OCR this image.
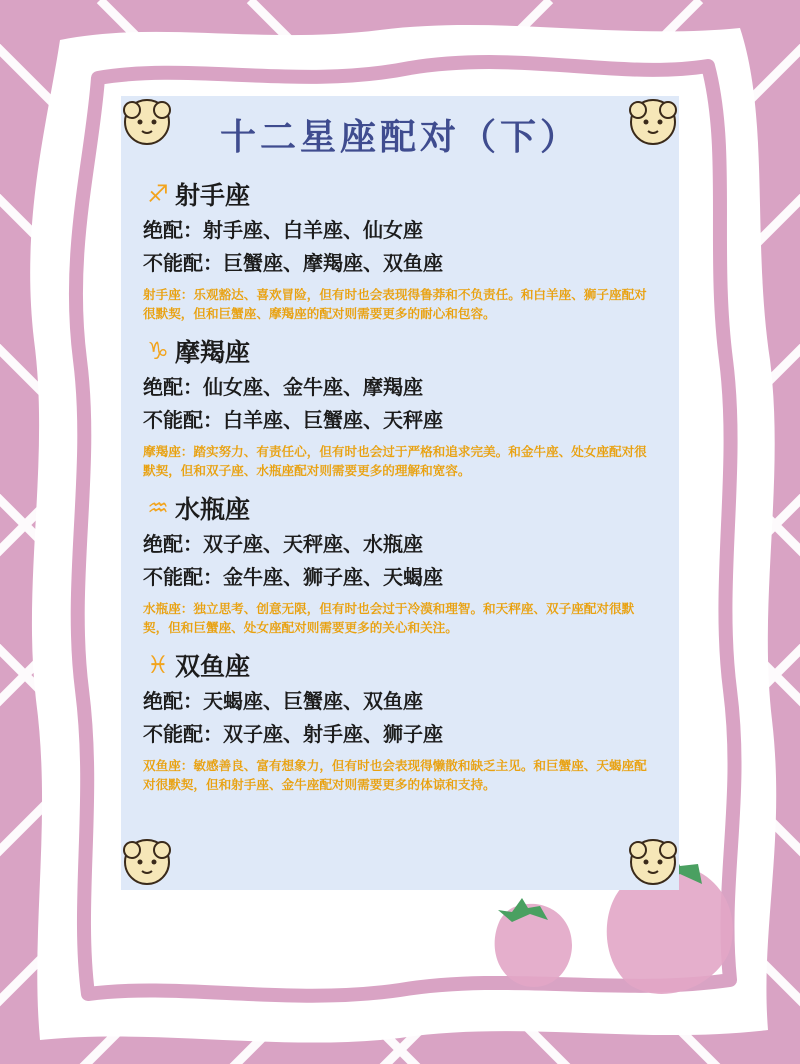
十二星座配对（下）
♐ 射手座
绝配：射手座、白羊座、仙女座
不能配：巨蟹座、摩羯座、双鱼座
射手座：乐观豁达、喜欢冒险，但有时也会表现得鲁莽和不负责任。和白羊座、狮子座配对很默契，但和巨蟹座、摩羯座的配对则需要更多的耐心和包容。
♑ 摩羯座
绝配：仙女座、金牛座、摩羯座
不能配：白羊座、巨蟹座、天秤座
摩羯座：踏实努力、有责任心，但有时也会过于严格和追求完美。和金牛座、处女座配对很默契，但和双子座、水瓶座配对则需要更多的理解和宽容。
♒ 水瓶座
绝配：双子座、天秤座、水瓶座
不能配：金牛座、狮子座、天蝎座
水瓶座：独立思考、创意无限，但有时也会过于冷漠和理智。和天秤座、双子座配对很默契，但和巨蟹座、处女座配对则需要更多的关心和关注。
♓ 双鱼座
绝配：天蝎座、巨蟹座、双鱼座
不能配：双子座、射手座、狮子座
双鱼座：敏感善良、富有想象力，但有时也会表现得懒散和缺乏主见。和巨蟹座、天蝎座配对很默契，但和射手座、金牛座配对则需要更多的体谅和支持。
